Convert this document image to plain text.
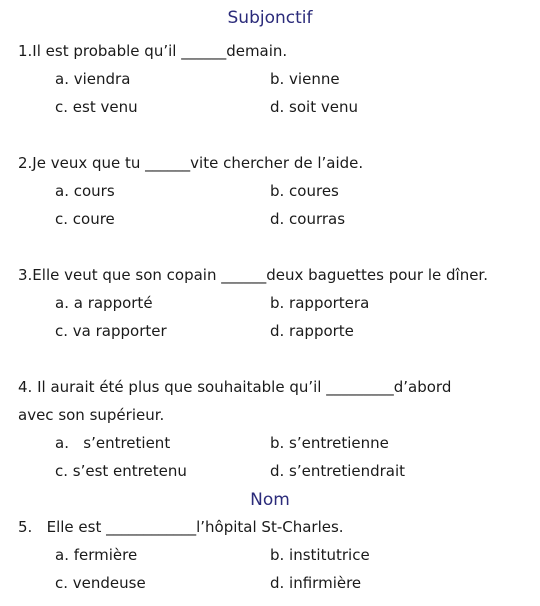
Subjonctif
1.Il est probable qu’il ______demain.
a. viendra	b. vienne
c. est venu	d. soit venu
2.Je veux que tu ______vite chercher de l’aide.
a. cours	b. coures
c. coure	d. courras
3.Elle veut que son copain ______deux baguettes pour le dîner.
a. a rapporté	b. rapportera
c. va rapporter	d. rapporte
4. Il aurait été plus que souhaitable qu’il _________d’abord
avec son supérieur.
a.   s’entretient	b. s’entretienne
c. s’est entretenu	d. s’entretiendrait
Nom
5.   Elle est ____________l’hôpital St-Charles.
a. fermière	b. institutrice
c. vendeuse	d. infirmière
